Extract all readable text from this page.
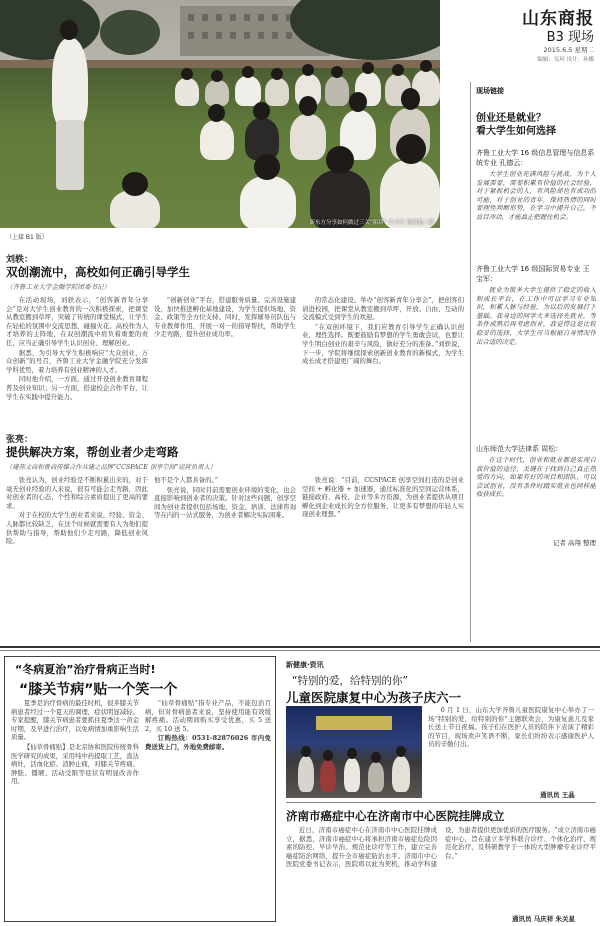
山东商报
B3 现场
2015.6.5 星期二
编辑：吴珂 设计：孙娜
新东方分享如何做过三关“陷阱” 实习生 杨国超 / 摄
现场链接
创业还是就业？
看大学生如何选择
齐鲁工业大学 16 级信息管理与信息系统专业 孔德云：
大学生创业充满风险与挑战，为个人发展需要，需要积累有价值的社会经验，对于紧抓机会的人，有风险却也有成功的可能，对于创业的青年，保持热情的同时要理性判断形势，在学习中提升自己，不盲目冲动，才能真正把握住机会。
齐鲁工业大学 16 级国际贸易专业 王宝军：
就业为很多大学生提供了稳定的收入和成长平台，在工作中可以学习专业知识，积累人脉与经验，为以后的发展打下基础。我身边的同学大多选择先就业，等条件成熟后再考虑创业，我觉得这是比较稳妥的选择，大学生应当根据自身情况作出合适的决定。
山东师范大学法律系 周松：
在这个时代，创业和就业都是实现自我价值的途径，关键在于找到自己真正热爱的方向，如果有好的项目和团队，可以尝试创业，没有条件时踏实就业也同样能收获成长。
记者 高翔 整理
（上接 B1 版）
刘轶：
双创潮流中，高校如何正确引导学生
（齐鲁工业大学金融学院团委书记）

在活动现场，刘轶表示，“创客新青年分享会”是对大学生创业教育的一次积极探索，把课堂从教室搬到草坪，突破了传统的课堂模式，让学生在轻松的氛围中交流思想、碰撞火花。高校作为人才培养的主阵地，在双创潮流中肩负着重要的责任，应当正确引导学生认识创业、理解创业。

据悉，为引导大学生积极响应“大众创业、万众创新”的号召，齐鲁工业大学金融学院充分发挥学科优势，着力培养有创业精神的人才。

同时他介绍，一方面，通过开设创业教育课程普及创业知识；另一方面，搭建校企合作平台，让学生在实践中提升能力。

“创新创业”平台，搭建服务质量、完善设施建设，加快推进孵化基地建设，为学生提供场地、资金、政策等全方位支持。同时，发挥辅导员队伍与专业教师作用，开展一对一的指导帮扶，帮助学生少走弯路，提升创业成功率。

的常态化建设。举办“创客新青年分享会”，把创客们请进校园，把课堂从教室搬到草坪，开放、自由、互动的交流模式受到学生的欢迎。

“在双创环境下，我们应教育引导学生正确认识创业，理性选择。既要鼓励有梦想的学生勇敢尝试，也要让学生明白创业的艰辛与风险，做好充分的准备。”刘轶说，下一步，学院将继续探索创新创业教育的新模式，为学生成长成才搭建更广阔的舞台。

张亮：
提供解决方案，帮创业者少走弯路
（建邦文商和鲁商传媒合作共建之品牌“CCSPACE 创享空间”运营负责人）

张亮认为，创业经验是不断积累出来的，对于毫无创业经验的人来说，很有可能会走弯路，因此对创业者的心态、个性和综合素质提出了更高的要求。

对于在校的大学生创业者来说，经验、资金、人脉都比较缺乏，在这个时候就需要有人为他们提供帮助与指导，帮助他们少走弯路，降低创业风险。

他不是个人都具备的。”

张亮说，同时目前需要创业环境的变化，也会直接影响到创业者的决策。针对这些问题，创享空间为创业者提供包括场地、资金、培训、法律咨询等在内的一站式服务，为创业者解决实际困难。

张亮说：“目前，CCSPACE 创享空间打造的是创业空间 + 孵化器 + 加速器，通过标准化的空间运营体系，链接政府、高校、企业等多方资源，为创业者提供从项目孵化到企业成长的全方位服务，让更多有梦想的年轻人实现创业理想。”

“冬病夏治”治疗骨病正当时!
“膝关节病”贴一个笑一个

夏季是治疗骨病的最佳时机，很多膝关节病患者经过一个夏天的调理，症状明显减轻。专家提醒，膝关节病患者要抓住夏季这一黄金时期，及早进行治疗，以免病情加重影响生活质量。

【仙草骨痛贴】是北京协和医院传统骨科医学研究的成果，采用纯中药提取工艺，直达病灶，活血化瘀、消肿止痛，对膝关节疼痛、肿胀、僵硬、活动受限等症状有明显改善作用。

“仙草骨痛贴”指专业产品，不能包治百病，但对骨病患者来说，坚持使用能有效缓解疼痛。活动期间购买享受优惠，买 5 送 2，买 10 送 5。

订购热线：0531-82876026 市内免费送货上门，外地免费邮寄。

新健康·资讯
“特别的爱，给特别的你”
儿童医院康复中心为孩子庆六一
6 月 1 日，山东大学齐鲁儿童医院康复中心举办了一场“特别的爱，给特别的你”主题联欢会，为康复患儿及家长送上节日祝福。孩子们在医护人员的陪伴下表演了精彩的节目，现场欢声笑语不断，家长们纷纷表示感谢医护人员的辛勤付出。
通讯员 王晶
济南市癌症中心在济南市中心医院挂牌成立
近日，济南市癌症中心在济南市中心医院挂牌成立，据悉，济南市癌症中心将承担济南市癌症危险因素的防控、早诊早治、规范化诊疗等工作，建立完善癌症防治网络，提升全市癌症防治水平。济南市中心医院党委书记表示，医院将以此为契机，推动学科建设，为患者提供更加优质的医疗服务。“成立济南市癌症中心，旨在建立多学科联合诊疗、个体化治疗、规范化治疗，及科研教学于一体的大型肿瘤专业诊疗平台。”
通讯员 马庆祥 朱关星
